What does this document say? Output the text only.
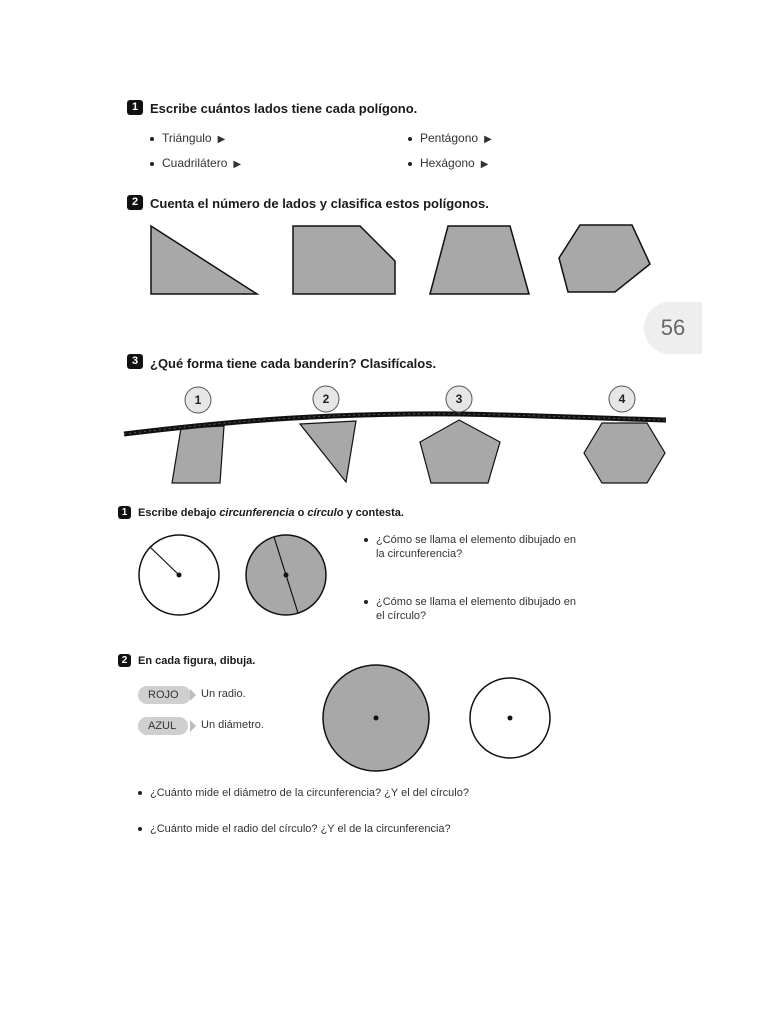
56
1 Escribe cuántos lados tiene cada polígono.
Triángulo ▶	Pentágono ▶
Cuadrilátero ▶	Hexágono ▶
2 Cuenta el número de lados y clasifica estos polígonos.
3 ¿Qué forma tiene cada banderín? Clasifícalos.
1	2	3	4
1 Escribe debajo circunferencia o círculo y contesta.
¿Cómo se llama el elemento dibujado en la circunferencia?
¿Cómo se llama el elemento dibujado en el círculo?
2 En cada figura, dibuja.
ROJO	Un radio.
AZUL	Un diámetro.
¿Cuánto mide el diámetro de la circunferencia? ¿Y el del círculo?
¿Cuánto mide el radio del círculo? ¿Y el de la circunferencia?
